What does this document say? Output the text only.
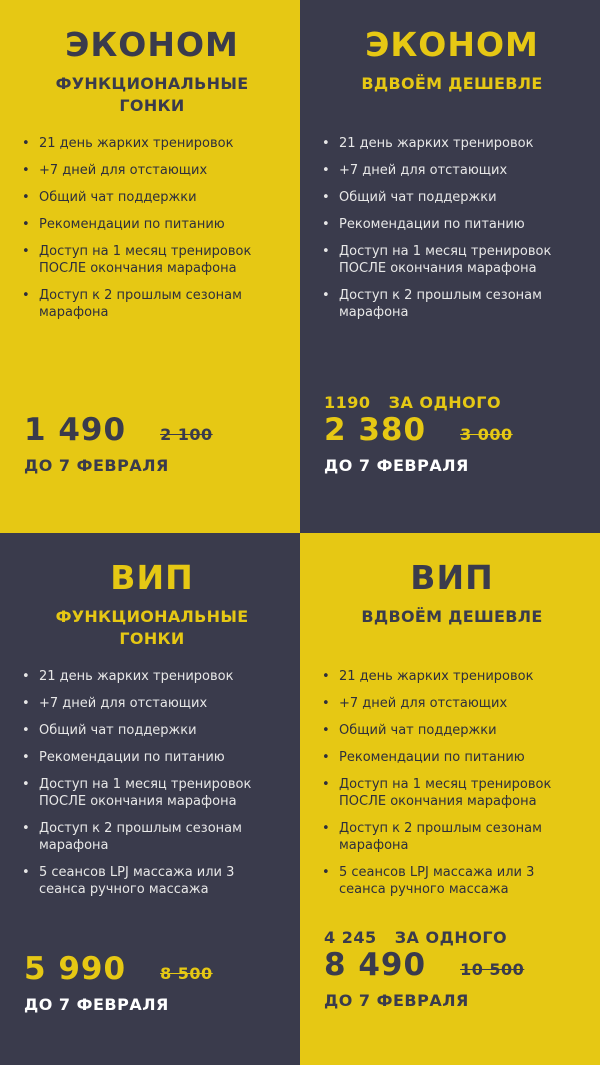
ЭКОНОМ
ФУНКЦИОНАЛЬНЫЕ
ГОНКИ
• 21 день жарких тренировок
• +7 дней для отстающих
• Общий чат поддержки
• Рекомендации по питанию
• Доступ на 1 месяц тренировок ПОСЛЕ окончания марафона
• Доступ к 2 прошлым сезонам марафона
1 490 2 100
ДО 7 ФЕВРАЛЯ
ЭКОНОМ
ВДВОЁМ ДЕШЕВЛЕ
• 21 день жарких тренировок
• +7 дней для отстающих
• Общий чат поддержки
• Рекомендации по питанию
• Доступ на 1 месяц тренировок ПОСЛЕ окончания марафона
• Доступ к 2 прошлым сезонам марафона
1190 ЗА ОДНОГО
2 380 3 000
ДО 7 ФЕВРАЛЯ
ВИП
ФУНКЦИОНАЛЬНЫЕ
ГОНКИ
• 21 день жарких тренировок
• +7 дней для отстающих
• Общий чат поддержки
• Рекомендации по питанию
• Доступ на 1 месяц тренировок ПОСЛЕ окончания марафона
• Доступ к 2 прошлым сезонам марафона
• 5 сеансов LPJ массажа или 3 сеанса ручного массажа
5 990 8 500
ДО 7 ФЕВРАЛЯ
ВИП
ВДВОЁМ ДЕШЕВЛЕ
• 21 день жарких тренировок
• +7 дней для отстающих
• Общий чат поддержки
• Рекомендации по питанию
• Доступ на 1 месяц тренировок ПОСЛЕ окончания марафона
• Доступ к 2 прошлым сезонам марафона
• 5 сеансов LPJ массажа или 3 сеанса ручного массажа
4 245 ЗА ОДНОГО
8 490 10 500
ДО 7 ФЕВРАЛЯ
